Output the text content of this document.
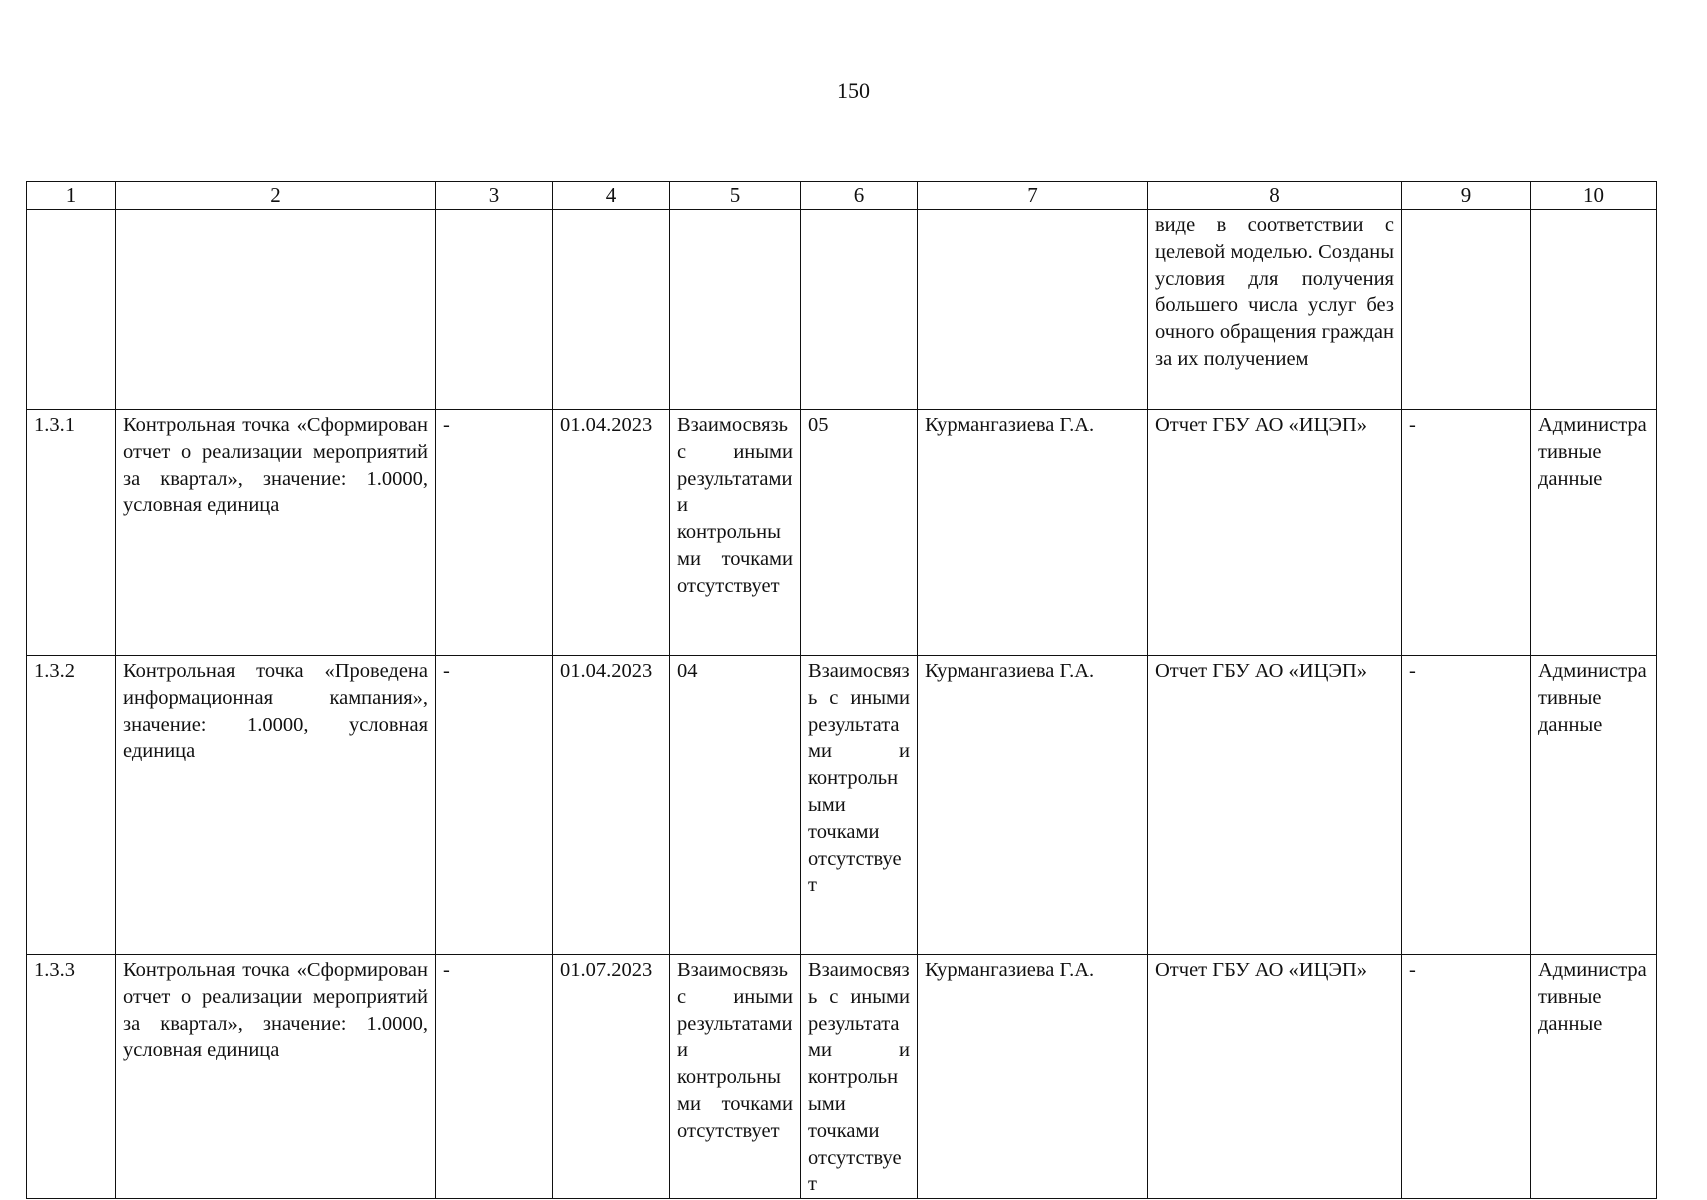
150
1	2	3	4	5	6	7	8	9	10
							виде в соответствии с целевой моделью. Созданы условия для получения большего числа услуг без очного обращения граждан за их получением		
1.3.1	Контрольная точка «Сформирован отчет о реализации мероприятий за квартал», значение: 1.0000, условная единица	-	01.04.2023	Взаимосвязь с иными результатами и контрольными точками отсутствует	05	Курмангазиева Г.А.	Отчет ГБУ АО «ИЦЭП»	-	Административные данные
1.3.2	Контрольная точка «Проведена информационная кампания», значение: 1.0000, условная единица	-	01.04.2023	04	Взаимосвязь с иными результатами и контрольными точками отсутствует	Курмангазиева Г.А.	Отчет ГБУ АО «ИЦЭП»	-	Административные данные
1.3.3	Контрольная точка «Сформирован отчет о реализации мероприятий за квартал», значение: 1.0000, условная единица	-	01.07.2023	Взаимосвязь с иными результатами и контрольными точками отсутствует	Взаимосвязь с иными результатами и контрольными точками отсутствует	Курмангазиева Г.А.	Отчет ГБУ АО «ИЦЭП»	-	Административные данные
